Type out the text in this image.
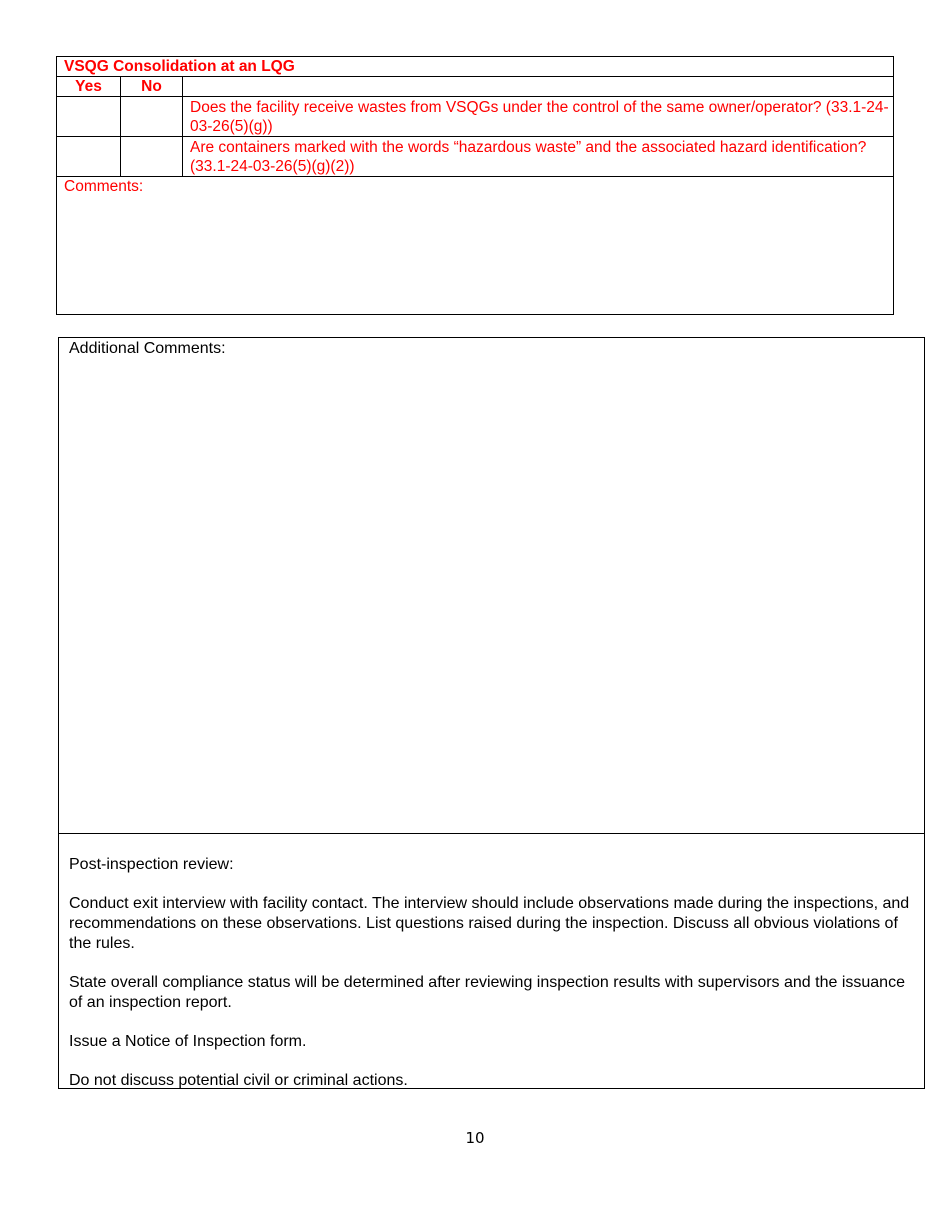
VSQG Consolidation at an LQG		
Yes	No	
		Does the facility receive wastes from VSQGs under the control of the same owner/operator? (33.1-24-03-26(5)(g))
		Are containers marked with the words “hazardous waste” and the associated hazard identification? (33.1-24-03-26(5)(g)(2))
Comments:		
Additional Comments:

Post-inspection review:

Conduct exit interview with facility contact. The interview should include observations made during the inspections, and recommendations on these observations. List questions raised during the inspection. Discuss all obvious violations of the rules.

State overall compliance status will be determined after reviewing inspection results with supervisors and the issuance of an inspection report.

Issue a Notice of Inspection form.

Do not discuss potential civil or criminal actions.

10
